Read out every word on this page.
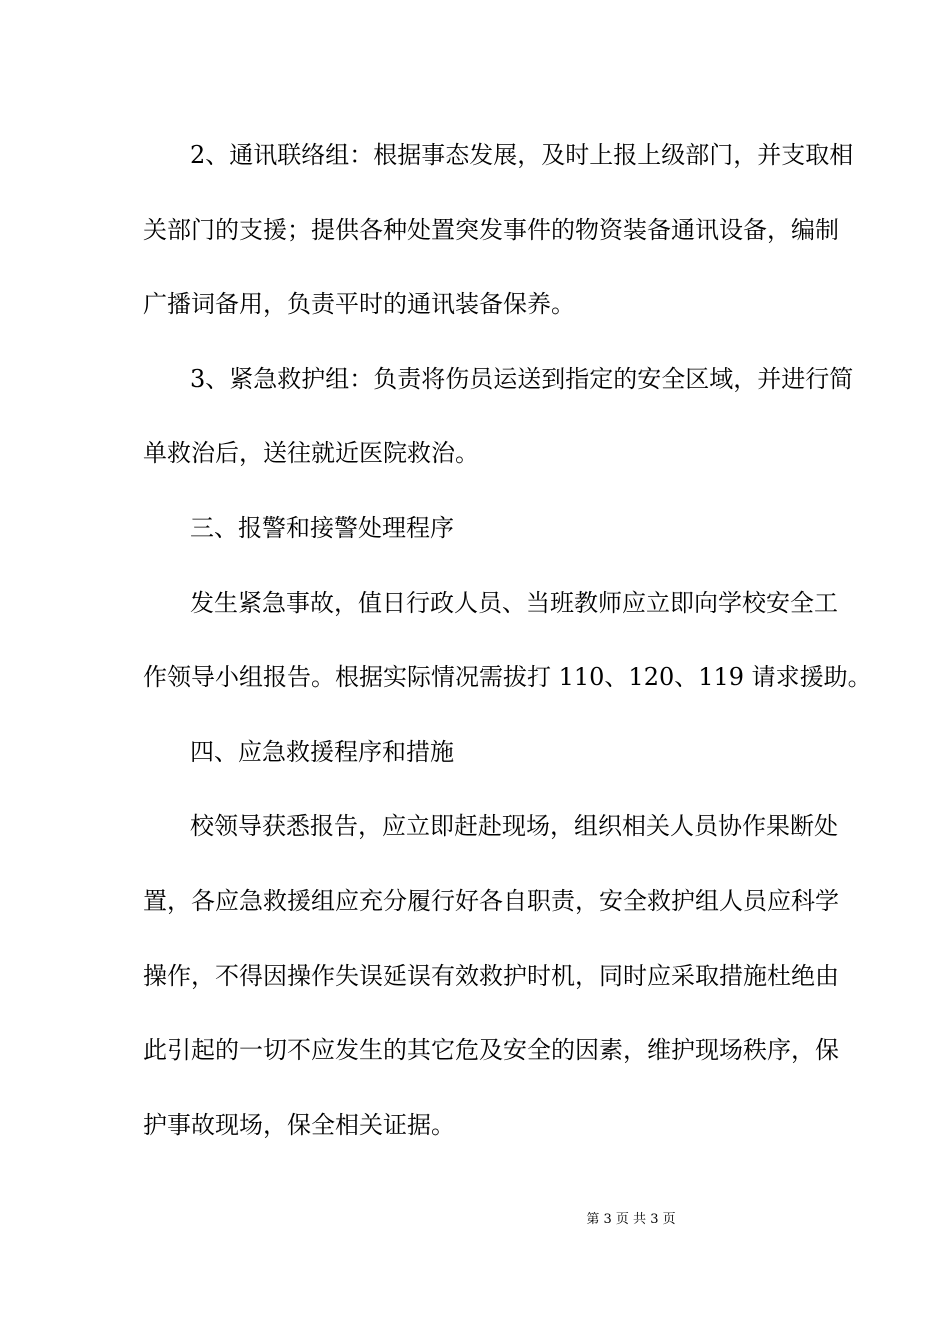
2、通讯联络组：根据事态发展，及时上报上级部门，并支取相
关部门的支援；提供各种处置突发事件的物资装备通讯设备，编制
广播词备用，负责平时的通讯装备保养。
3、紧急救护组：负责将伤员运送到指定的安全区域，并进行简
单救治后，送往就近医院救治。
三、报警和接警处理程序
发生紧急事故，值日行政人员、当班教师应立即向学校安全工
作领导小组报告。根据实际情况需拔打 110、120、119 请求援助。
四、应急救援程序和措施
校领导获悉报告，应立即赶赴现场，组织相关人员协作果断处
置，各应急救援组应充分履行好各自职责，安全救护组人员应科学
操作，不得因操作失误延误有效救护时机，同时应采取措施杜绝由
此引起的一切不应发生的其它危及安全的因素，维护现场秩序，保
护事故现场，保全相关证据。
第 3 页 共 3 页
